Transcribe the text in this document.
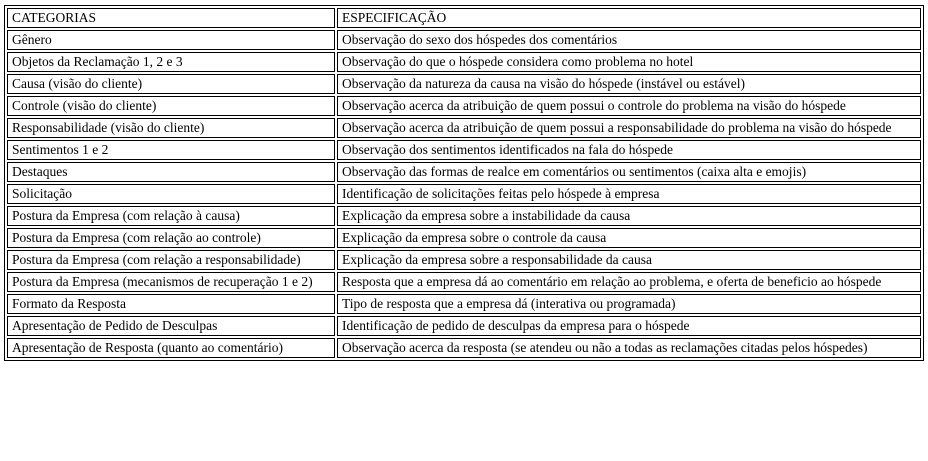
CATEGORIAS	ESPECIFICAÇÃO
Gênero	Observação do sexo dos hóspedes dos comentários
Objetos da Reclamação 1, 2 e 3	Observação do que o hóspede considera como problema no hotel
Causa (visão do cliente)	Observação da natureza da causa na visão do hóspede (instável ou estável)
Controle (visão do cliente)	Observação acerca da atribuição de quem possui o controle do problema na visão do hóspede
Responsabilidade (visão do cliente)	Observação acerca da atribuição de quem possui a responsabilidade do problema na visão do hóspede
Sentimentos 1 e 2	Observação dos sentimentos identificados na fala do hóspede
Destaques	Observação das formas de realce em comentários ou sentimentos (caixa alta e emojis)
Solicitação	Identificação de solicitações feitas pelo hóspede à empresa
Postura da Empresa (com relação à causa)	Explicação da empresa sobre a instabilidade da causa
Postura da Empresa (com relação ao controle)	Explicação da empresa sobre o controle da causa
Postura da Empresa (com relação a responsabilidade)	Explicação da empresa sobre a responsabilidade da causa
Postura da Empresa (mecanismos de recuperação 1 e 2)	Resposta que a empresa dá ao comentário em relação ao problema, e oferta de beneficio ao hóspede
Formato da Resposta	Tipo de resposta que a empresa dá (interativa ou programada)
Apresentação de Pedido de Desculpas	Identificação de pedido de desculpas da empresa para o hóspede
Apresentação de Resposta (quanto ao comentário)	Observação acerca da resposta (se atendeu ou não a todas as reclamações citadas pelos hóspedes)
